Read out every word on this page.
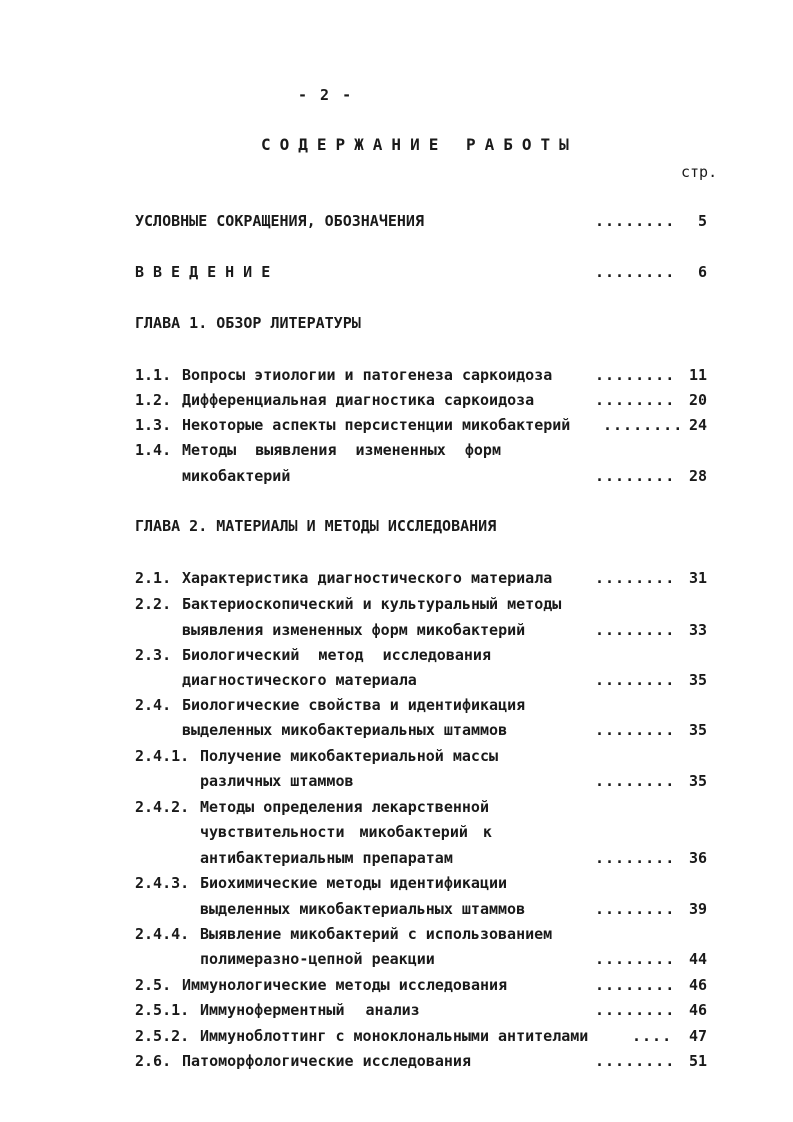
- 2 -
СОДЕРЖАНИЕ РАБОТЫ
стр.
УСЛОВНЫЕ СОКРАЩЕНИЯ, ОБОЗНАЧЕНИЯ	........	5
ВВЕДЕНИЕ	........	6
ГЛАВА 1. ОБЗОР ЛИТЕРАТУРЫ
1.1. Вопросы этиологии и патогенеза саркоидоза	........ 11
1.2. Дифференциальная диагностика саркоидоза	........ 20
1.3. Некоторые аспекты персистенции микобактерий ........ 24
1.4. Методы выявления измененных форм
микобактерий	........ 28
ГЛАВА 2. МАТЕРИАЛЫ И МЕТОДЫ ИССЛЕДОВАНИЯ
2.1. Характеристика диагностического материала	........ 31
2.2. Бактериоскопический и культуральный методы
выявления измененных форм микобактерий	........ 33
2.3. Биологический метод исследования
диагностического материала	........ 35
2.4. Биологические свойства и идентификация
выделенных микобактериальных штаммов	........ 35
2.4.1. Получение микобактериальной массы
различных штаммов	........ 35
2.4.2. Методы определения лекарственной
чувствительности микобактерий к
антибактериальным препаратам	........ 36
2.4.3. Биохимические методы идентификации
выделенных микобактериальных штаммов	........ 39
2.4.4. Выявление микобактерий с использованием
полимеразно-цепной реакции	........ 44
2.5. Иммунологические методы исследования	........ 46
2.5.1. Иммуноферментный анализ	........ 46
2.5.2. Иммуноблоттинг с моноклональными антителами	....	47
2.6. Патоморфологические исследования	........ 51
